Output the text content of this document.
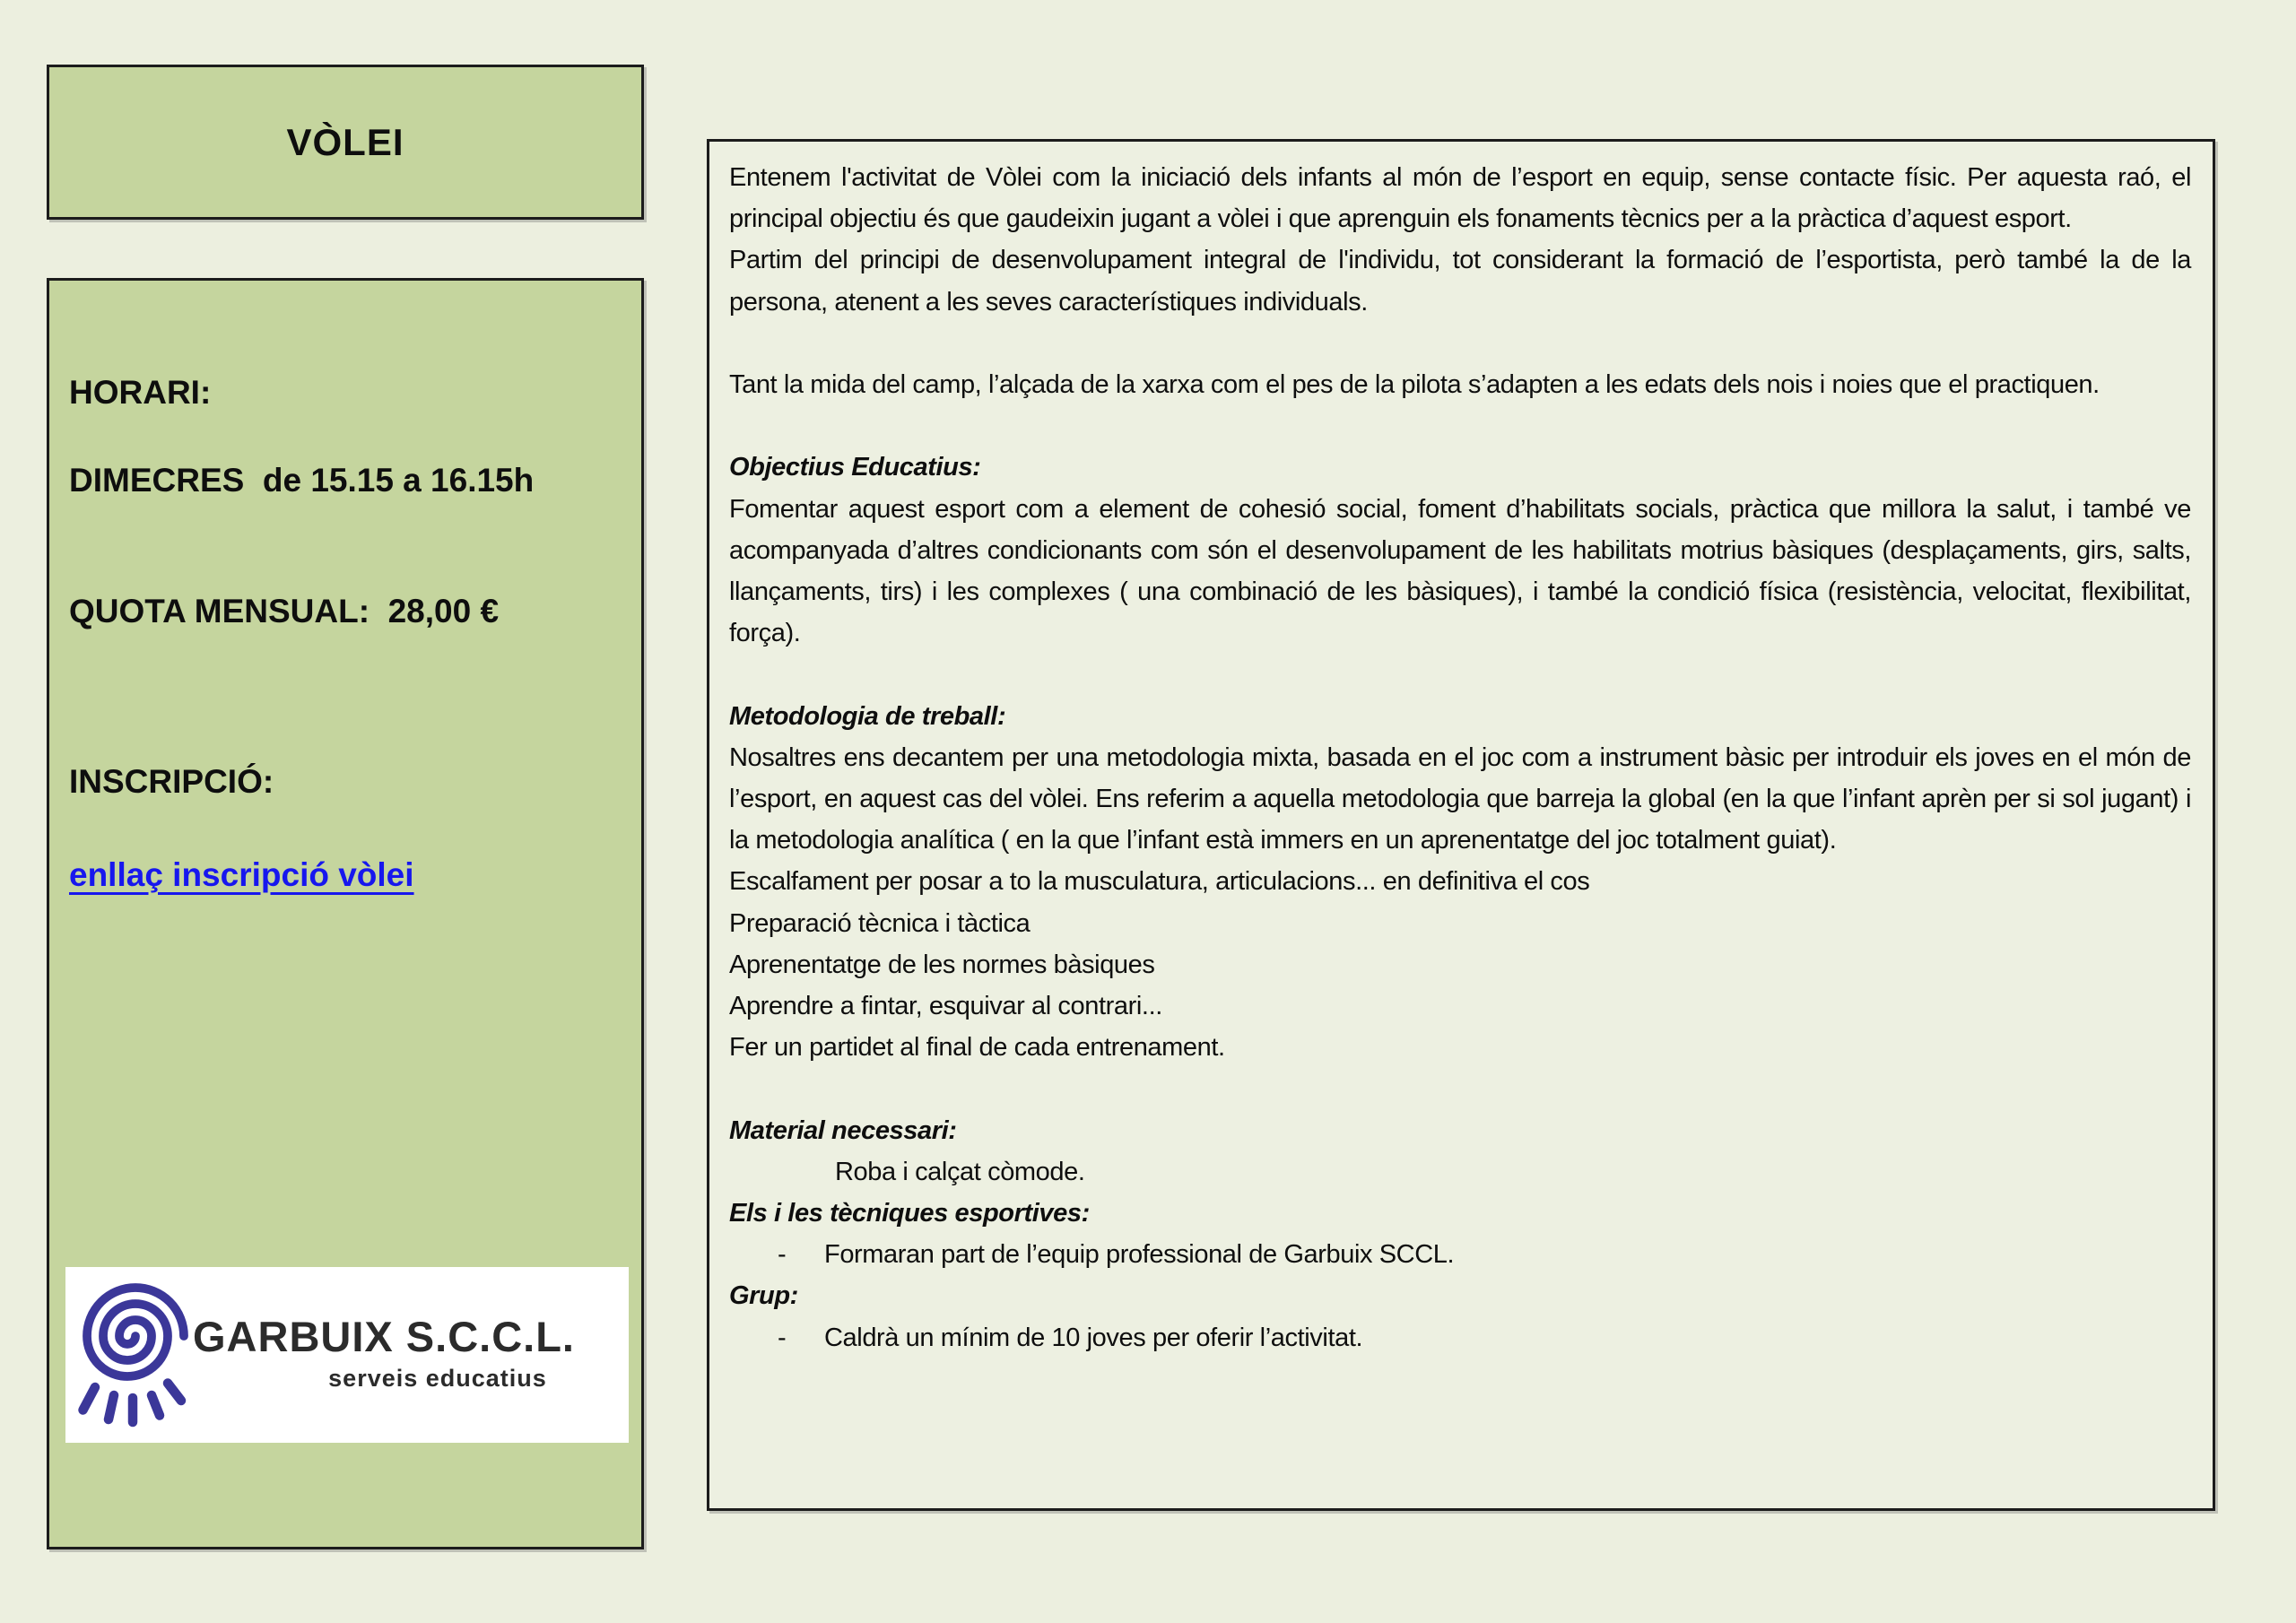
VÒLEI
HORARI:
DIMECRES  de 15.15 a 16.15h
QUOTA MENSUAL:  28,00 €
INSCRIPCIÓ:
enllaç inscripció vòlei
GARBUIX S.C.C.L.
serveis educatius

Entenem l'activitat de Vòlei com la iniciació dels infants al món de l’esport en equip, sense contacte físic. Per aquesta raó, el principal objectiu és que gaudeixin jugant a vòlei i que aprenguin els fonaments tècnics per a la pràctica d’aquest esport.

Partim del principi de desenvolupament integral de l'individu, tot considerant la formació de l’esportista, però també la de la persona, atenent a les seves característiques individuals.

Tant la mida del camp, l’alçada de la xarxa com el pes de la pilota s’adapten a les edats dels nois i noies que el practiquen.

Objectius Educatius:

Fomentar aquest esport com a element de cohesió social, foment d’habilitats socials, pràctica que millora la salut, i també ve acompanyada d’altres condicionants com són el desenvolupament de les habilitats motrius bàsiques (desplaçaments, girs, salts, llançaments, tirs) i les complexes ( una combinació de les bàsiques), i també la condició física (resistència, velocitat, flexibilitat, força).

Metodologia de treball:

Nosaltres ens decantem per una metodologia mixta, basada en el joc com a instrument bàsic per introduir els joves en el món de l’esport, en aquest cas del vòlei. Ens referim a aquella metodologia que barreja la global (en la que l’infant aprèn per si sol jugant) i la metodologia analítica ( en la que l’infant està immers en un aprenentatge del joc totalment guiat).

Escalfament per posar a to la musculatura, articulacions... en definitiva el cos

Preparació tècnica i tàctica

Aprenentatge de les normes bàsiques

Aprendre a fintar, esquivar al contrari...

Fer un partidet al final de cada entrenament.

Material necessari:

Roba i calçat còmode.

Els i les tècniques esportives:

- Formaran part de l’equip professional de Garbuix SCCL.

Grup:

- Caldrà un mínim de 10 joves per oferir l’activitat.
